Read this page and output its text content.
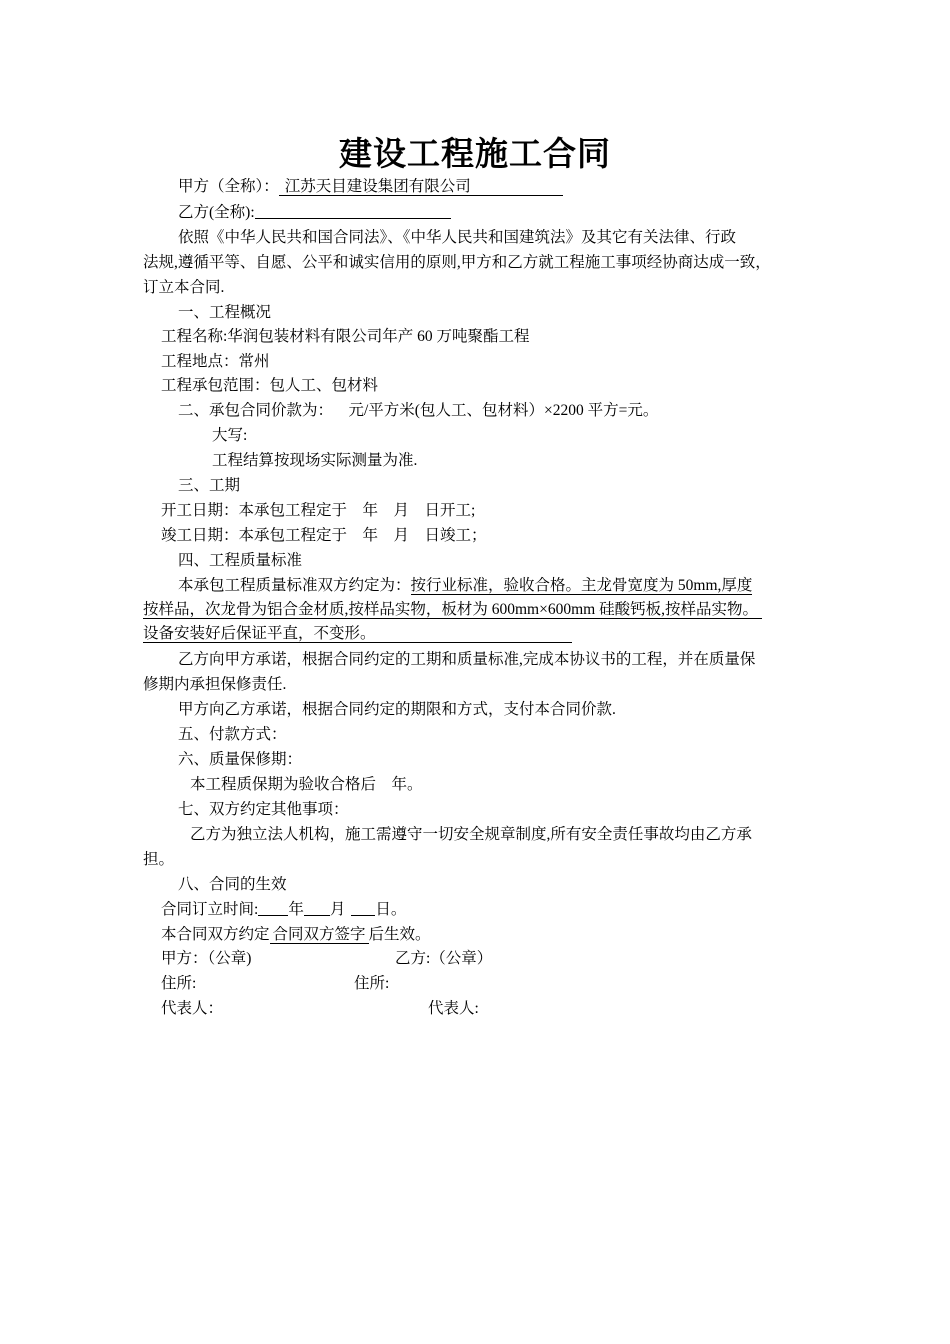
建设工程施工合同
甲方（全称）： 江苏天目建设集团有限公司
乙方(全称):
依照《中华人民共和国合同法》、《中华人民共和国建筑法》及其它有关法律、行政
法规,遵循平等、自愿、公平和诚实信用的原则,甲方和乙方就工程施工事项经协商达成一致，
订立本合同.
一、工程概况
工程名称:华润包装材料有限公司年产 60 万吨聚酯工程
工程地点：常州
工程承包范围：包人工、包材料
二、承包合同价款为：    元/平方米(包人工、包材料）×2200 平方=元。
大写:
工程结算按现场实际测量为准.
三、工期
开工日期：本承包工程定于    年    月    日开工;
竣工日期：本承包工程定于    年    月    日竣工；
四、工程质量标准
本承包工程质量标准双方约定为：按行业标准，验收合格。主龙骨宽度为 50mm,厚度
按样品，次龙骨为铝合金材质,按样品实物，板材为 600mm×600mm 硅酸钙板,按样品实物。
设备安装好后保证平直，不变形。
乙方向甲方承诺，根据合同约定的工期和质量标准,完成本协议书的工程，并在质量保
修期内承担保修责任.
甲方向乙方承诺，根据合同约定的期限和方式，支付本合同价款.
五、付款方式：
六、质量保修期：
本工程质保期为验收合格后    年。
七、双方约定其他事项：
乙方为独立法人机构，施工需遵守一切安全规章制度,所有安全责任事故均由乙方承
担。
八、合同的生效
合同订立时间: 年 月 日。
本合同双方约定 合同双方签字 后生效。
甲方：（公章)	乙方:（公章）
住所:	住所:
代表人：	代表人:
